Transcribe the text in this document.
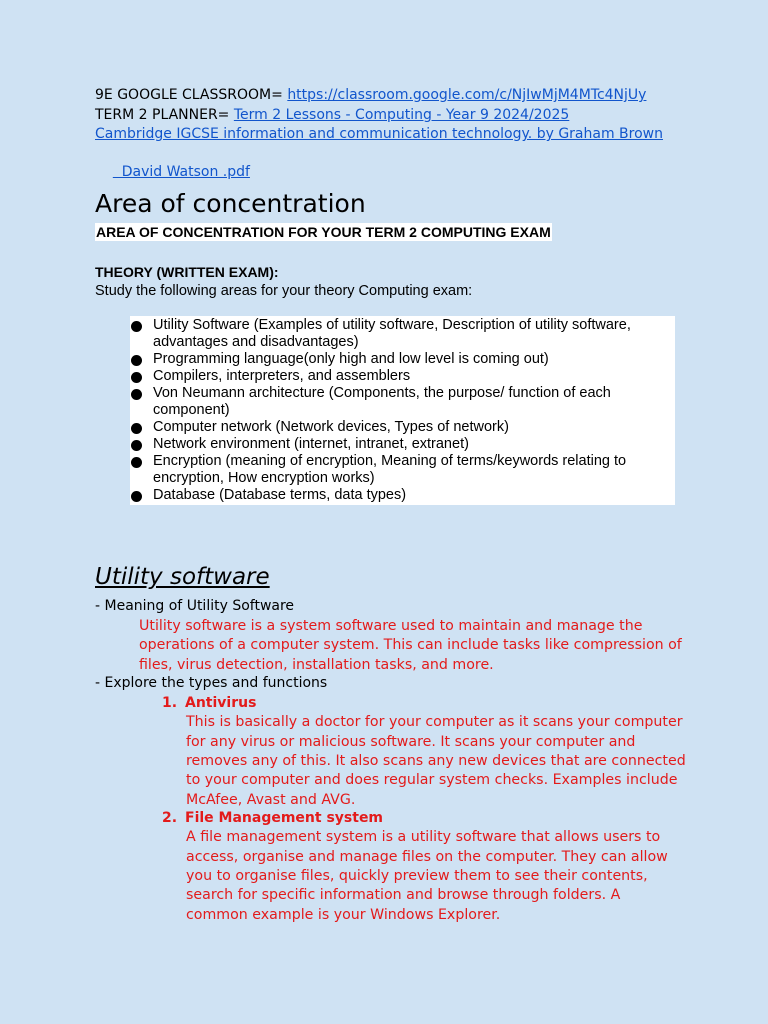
9E GOOGLE CLASSROOM= https://classroom.google.com/c/NjIwMjM4MTc4NjUy
TERM 2 PLANNER= Term 2 Lessons - Computing - Year 9 2024/2025
Cambridge IGCSE information and communication technology. by Graham Brown

David Watson .pdf

Area of concentration
AREA OF CONCENTRATION FOR YOUR TERM 2 COMPUTING EXAM
THEORY (WRITTEN EXAM):
Study the following areas for your theory Computing exam:
Utility Software (Examples of utility software, Description of utility software,
advantages and disadvantages)
Programming language(only high and low level is coming out)
Compilers, interpreters, and assemblers
Von Neumann architecture (Components, the purpose/ function of each
component)
Computer network (Network devices, Types of network)
Network environment (internet, intranet, extranet)
Encryption (meaning of encryption, Meaning of terms/keywords relating to
encryption, How encryption works)
Database (Database terms, data types)
Utility software
- Meaning of Utility Software
Utility software is a system software used to maintain and manage the
operations of a computer system. This can include tasks like compression of
files, virus detection, installation tasks, and more.
- Explore the types and functions
1. Antivirus
This is basically a doctor for your computer as it scans your computer
for any virus or malicious software. It scans your computer and
removes any of this. It also scans any new devices that are connected
to your computer and does regular system checks. Examples include
McAfee, Avast and AVG.
2. File Management system
A file management system is a utility software that allows users to
access, organise and manage files on the computer. They can allow
you to organise files, quickly preview them to see their contents,
search for specific information and browse through folders. A
common example is your Windows Explorer.
